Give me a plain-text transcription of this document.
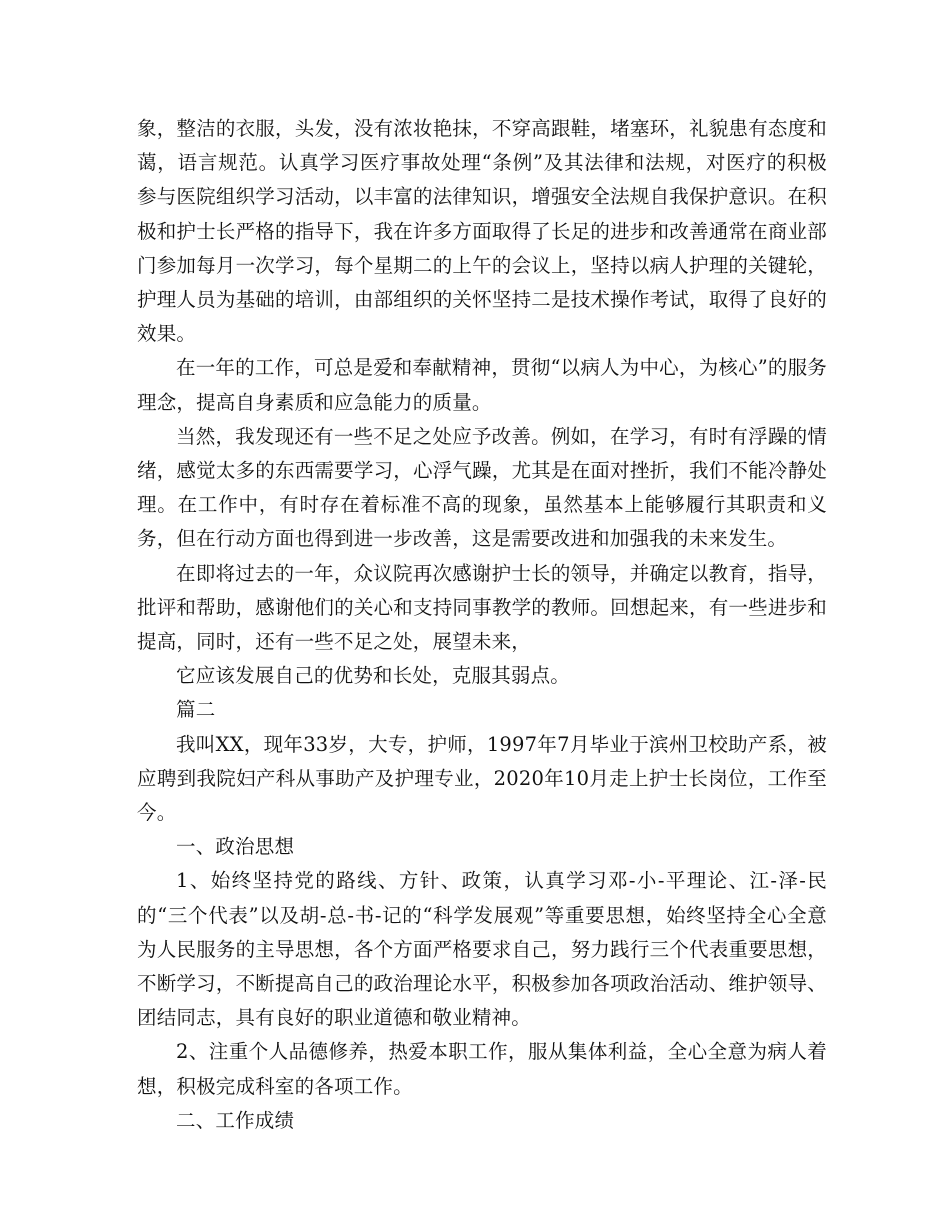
象，整洁的衣服，头发，没有浓妆艳抹，不穿高跟鞋，堵塞环，礼貌患有态度和蔼，语言规范。认真学习医疗事故处理“条例”及其法律和法规，对医疗的积极参与医院组织学习活动，以丰富的法律知识，增强安全法规自我保护意识。在积极和护士长严格的指导下，我在许多方面取得了长足的进步和改善通常在商业部门参加每月一次学习，每个星期二的上午的会议上，坚持以病人护理的关键轮，护理人员为基础的培训，由部组织的关怀坚持二是技术操作考试，取得了良好的效果。

在一年的工作，可总是爱和奉献精神，贯彻“以病人为中心，为核心”的服务理念，提高自身素质和应急能力的质量。

当然，我发现还有一些不足之处应予改善。例如，在学习，有时有浮躁的情绪，感觉太多的东西需要学习，心浮气躁，尤其是在面对挫折，我们不能冷静处理。在工作中，有时存在着标准不高的现象，虽然基本上能够履行其职责和义务，但在行动方面也得到进一步改善，这是需要改进和加强我的未来发生。

在即将过去的一年，众议院再次感谢护士长的领导，并确定以教育，指导，批评和帮助，感谢他们的关心和支持同事教学的教师。回想起来，有一些进步和提高，同时，还有一些不足之处，展望未来，

它应该发展自己的优势和长处，克服其弱点。

篇二

我叫XX，现年33岁，大专，护师，1997年7月毕业于滨州卫校助产系，被应聘到我院妇产科从事助产及护理专业，2020年10月走上护士长岗位，工作至今。

一、政治思想

1、始终坚持党的路线、方针、政策，认真学习邓-小-平理论、江-泽-民的“三个代表”以及胡-总-书-记的“科学发展观”等重要思想，始终坚持全心全意为人民服务的主导思想，各个方面严格要求自己，努力践行三个代表重要思想，不断学习，不断提高自己的政治理论水平，积极参加各项政治活动、维护领导、团结同志，具有良好的职业道德和敬业精神。

2、注重个人品德修养，热爱本职工作，服从集体利益，全心全意为病人着想，积极完成科室的各项工作。

二、工作成绩
